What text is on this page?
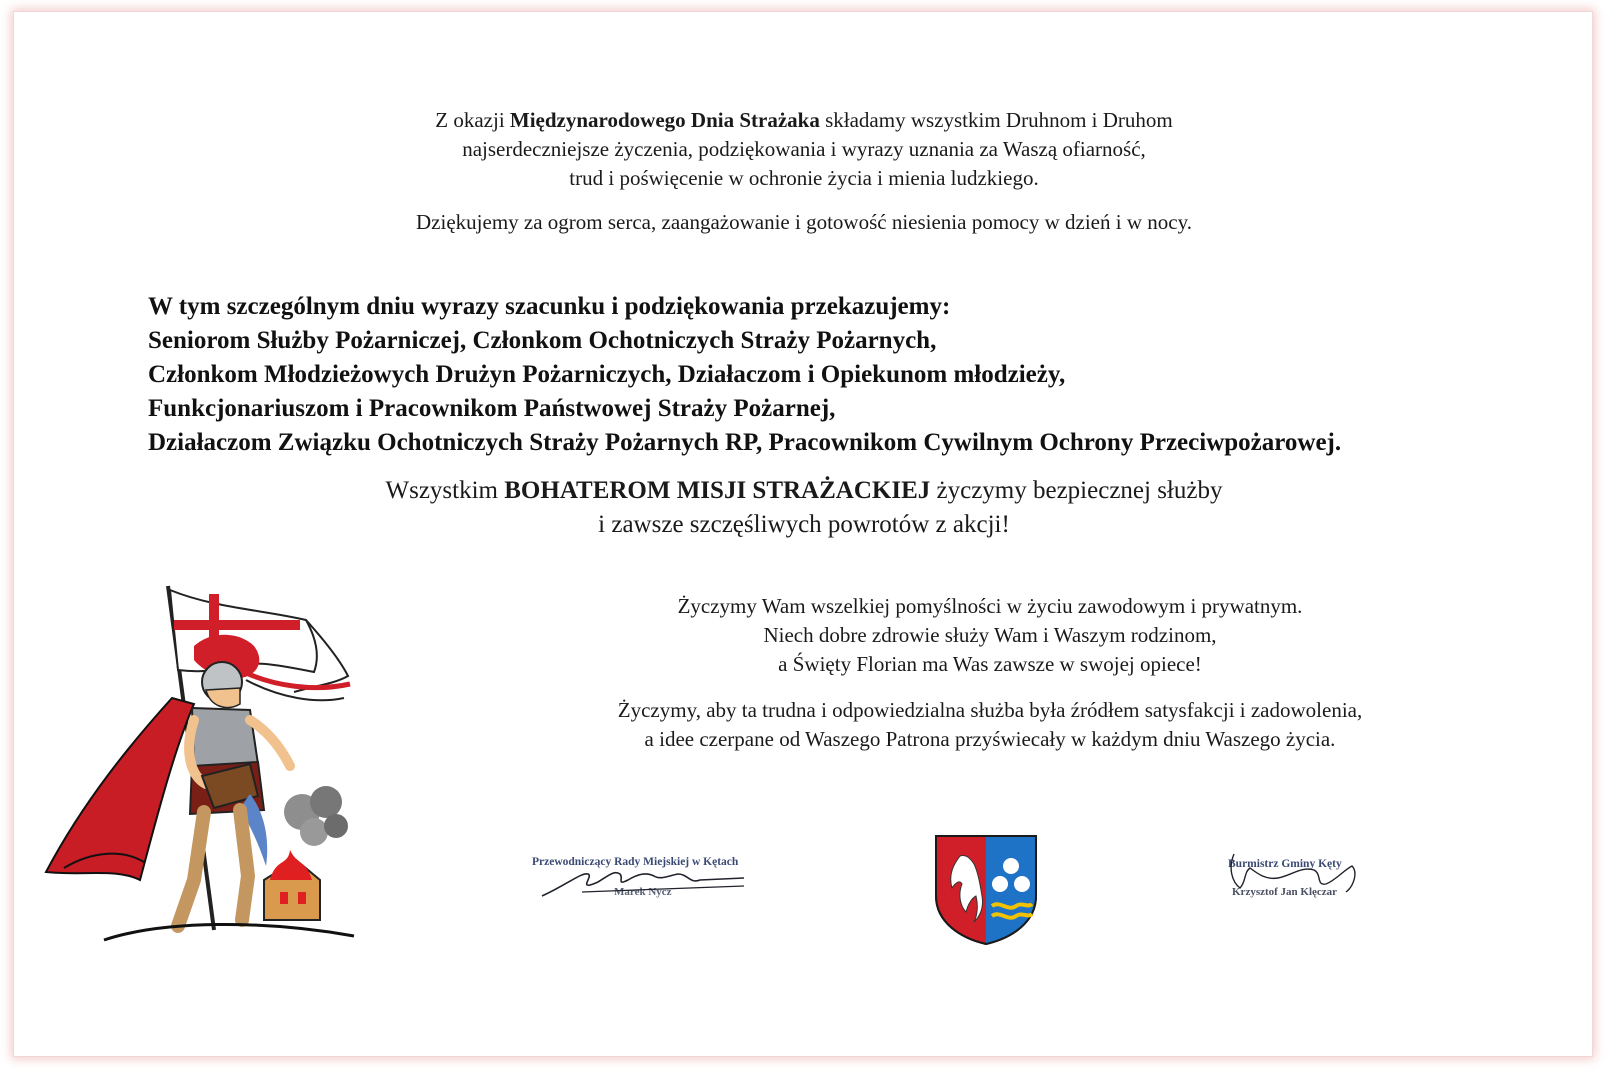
Z okazji Międzynarodowego Dnia Strażaka składamy wszystkim Druhnom i Druhom
najserdeczniejsze życzenia, podziękowania i wyrazy uznania za Waszą ofiarność,
trud i poświęcenie w ochronie życia i mienia ludzkiego.

Dziękujemy za ogrom serca, zaangażowanie i gotowość niesienia pomocy w dzień i w nocy.

W tym szczególnym dniu wyrazy szacunku i podziękowania przekazujemy:
Seniorom Służby Pożarniczej, Członkom Ochotniczych Straży Pożarnych,
Członkom Młodzieżowych Drużyn Pożarniczych, Działaczom i Opiekunom młodzieży,
Funkcjonariuszom i Pracownikom Państwowej Straży Pożarnej,
Działaczom Związku Ochotniczych Straży Pożarnych RP, Pracownikom Cywilnym Ochrony Przeciwpożarowej.

Wszystkim BOHATEROM MISJI STRAŻACKIEJ życzymy bezpiecznej służby
i zawsze szczęśliwych powrotów z akcji!

Życzymy Wam wszelkiej pomyślności w życiu zawodowym i prywatnym.
Niech dobre zdrowie służy Wam i Waszym rodzinom,
a Święty Florian ma Was zawsze w swojej opiece!

Życzymy, aby ta trudna i odpowiedzialna służba była źródłem satysfakcji i zadowolenia,
a idee czerpane od Waszego Patrona przyświecały w każdym dniu Waszego życia.

Przewodniczący Rady Miejskiej w Kętach
Marek Nycz
Burmistrz Gminy Kęty
Krzysztof Jan Klęczar
